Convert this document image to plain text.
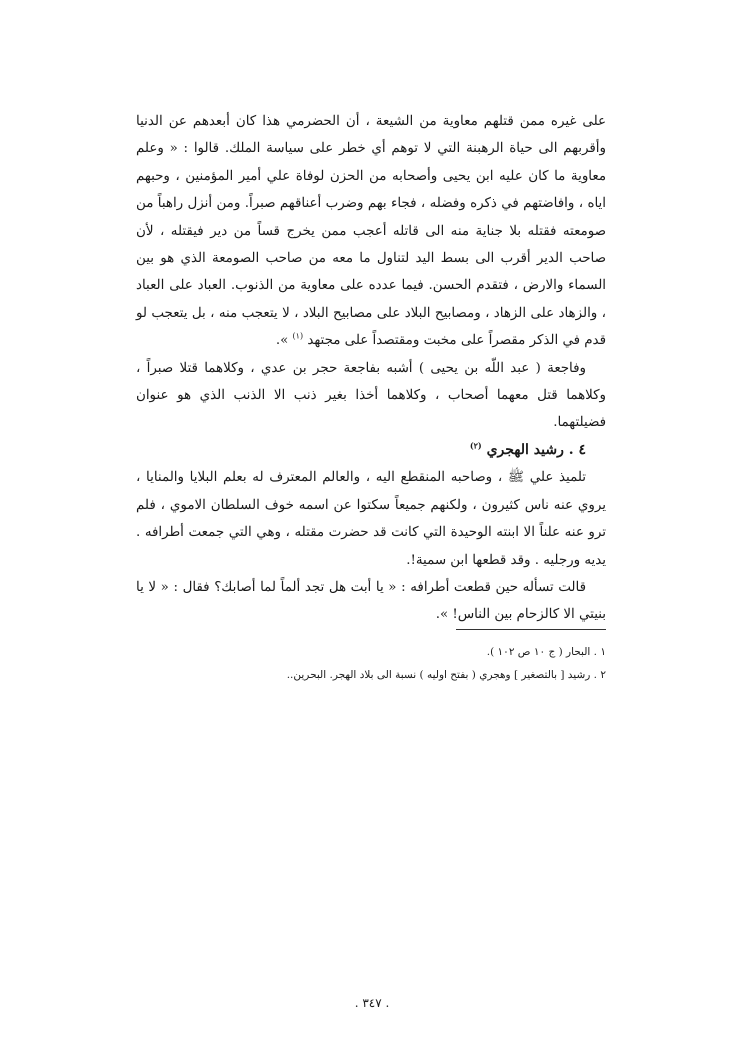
على غيره ممن قتلهم معاوية من الشيعة ، أن الحضرمي هذا كان أبعدهم عن الدنيا وأقربهم الى حياة الرهبنة التي لا توهم أي خطر على سياسة الملك. قالوا : « وعلم معاوية ما كان عليه ابن يحيى وأصحابه من الحزن لوفاة علي أمير المؤمنين ، وحبهم اياه ، وافاضتهم في ذكره وفضله ، فجاء بهم وضرب أعناقهم صبراً. ومن أنزل راهباً من صومعته فقتله بلا جناية منه الى قاتله أعجب ممن يخرج قساً من دير فيقتله ، لأن صاحب الدير أقرب الى بسط اليد لتناول ما معه من صاحب الصومعة الذي هو بين السماء والارض ، فتقدم الحسن. فيما عدده على معاوية من الذنوب. العباد على العباد ، والزهاد على الزهاد ، ومصابيح البلاد على مصابيح البلاد ، لا يتعجب منه ، بل يتعجب لو قدم في الذكر مقصراً على مخبت ومقتصداً على مجتهد $^{(١)}$ ».

وفاجعة ( عبد اللّه بن يحيى ) أشبه بفاجعة حجر بن عدي ، وكلاهما قتلا صبراً ، وكلاهما قتل معهما أصحاب ، وكلاهما أخذا بغير ذنب الا الذنب الذي هو عنوان فضيلتهما.

٤ . رشيد الهجري $^{(٢)}$

تلميذ علي ﷺ ، وصاحبه المنقطع اليه ، والعالم المعترف له بعلم البلايا والمنايا ، يروي عنه ناس كثيرون ، ولكنهم جميعاً سكتوا عن اسمه خوف السلطان الاموي ، فلم ترو عنه علناً الا ابنته الوحيدة التي كانت قد حضرت مقتله ، وهي التي جمعت أطرافه . يديه ورجليه . وقد قطعها ابن سمية!.

قالت تسأله حين قطعت أطرافه : « يا أبت هل تجد ألماً لما أصابك؟ فقال : « لا يا بنيتي الا كالزحام بين الناس! ».

١ . البحار ( ج ١٠ ص ١٠٢ ).

٢ . رشيد [ بالتصغير ] وهجري ( بفتح اوليه ) نسبة الى بلاد الهجر. البحرين..

. ٣٤٧ .
